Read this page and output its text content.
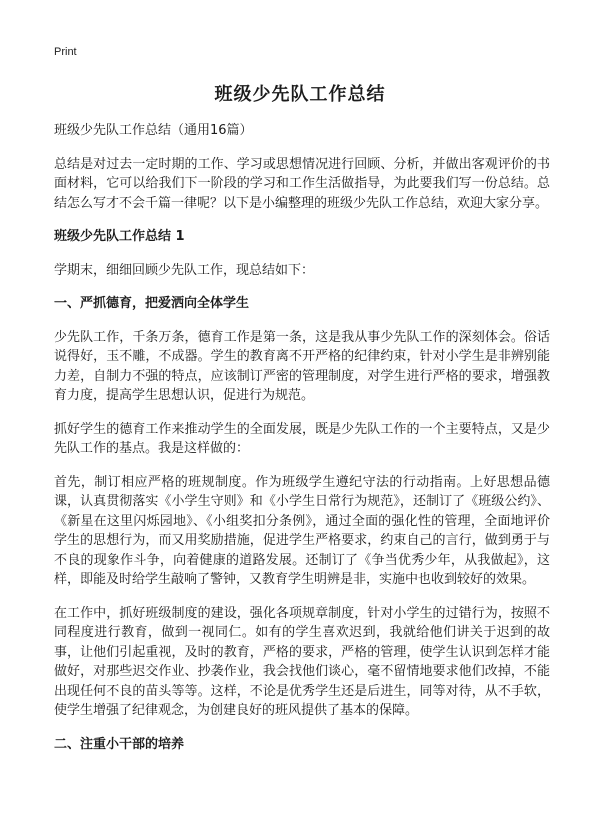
Print
班级少先队工作总结

班级少先队工作总结（通用16篇）

总结是对过去一定时期的工作、学习或思想情况进行回顾、分析，并做出客观评价的书面材料，它可以给我们下一阶段的学习和工作生活做指导，为此要我们写一份总结。总结怎么写才不会千篇一律呢？以下是小编整理的班级少先队工作总结，欢迎大家分享。

班级少先队工作总结 1

学期末，细细回顾少先队工作，现总结如下：

一、严抓德育，把爱洒向全体学生

少先队工作，千条万条，德育工作是第一条，这是我从事少先队工作的深刻体会。俗话说得好，玉不雕，不成器。学生的教育离不开严格的纪律约束，针对小学生是非辨别能力差，自制力不强的特点，应该制订严密的管理制度，对学生进行严格的要求，增强教育力度，提高学生思想认识，促进行为规范。

抓好学生的德育工作来推动学生的全面发展，既是少先队工作的一个主要特点，又是少先队工作的基点。我是这样做的：

首先，制订相应严格的班规制度。作为班级学生遵纪守法的行动指南。上好思想品德课，认真贯彻落实《小学生守则》和《小学生日常行为规范》，还制订了《班级公约》、《新星在这里闪烁园地》、《小组奖扣分条例》，通过全面的强化性的管理，全面地评价学生的思想行为，而又用奖励措施，促进学生严格要求，约束自己的言行，做到勇于与不良的现象作斗争，向着健康的道路发展。还制订了《争当优秀少年，从我做起》，这样，即能及时给学生敲响了警钟，又教育学生明辨是非，实施中也收到较好的效果。

在工作中，抓好班级制度的建设，强化各项规章制度，针对小学生的过错行为，按照不同程度进行教育，做到一视同仁。如有的学生喜欢迟到，我就给他们讲关于迟到的故事，让他们引起重视，及时的教育，严格的要求，严格的管理，使学生认识到怎样才能做好，对那些迟交作业、抄袭作业，我会找他们谈心，毫不留情地要求他们改掉，不能出现任何不良的苗头等等。这样，不论是优秀学生还是后进生，同等对待，从不手软，使学生增强了纪律观念，为创建良好的班风提供了基本的保障。

二、注重小干部的培养
